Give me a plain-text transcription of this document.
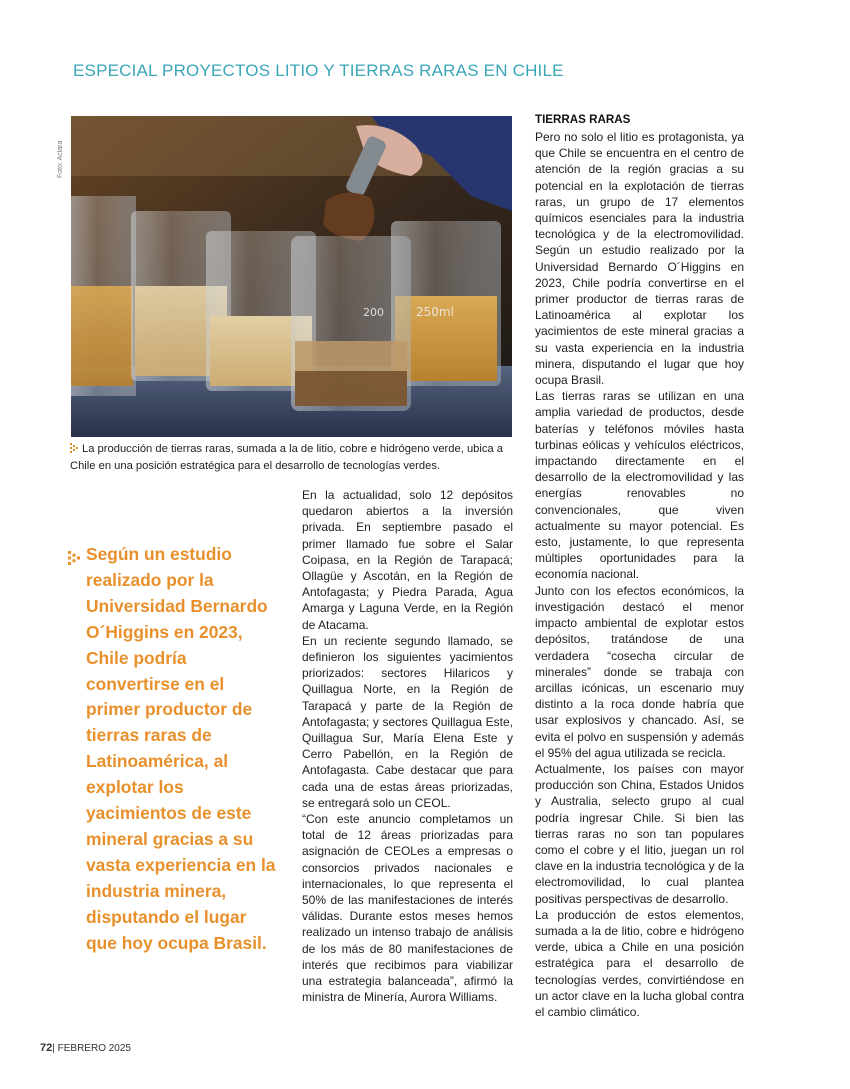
ESPECIAL PROYECTOS LITIO Y TIERRAS RARAS EN CHILE
Foto: Aclara
250ml
200
La producción de tierras raras, sumada a la de litio, cobre e hidrógeno verde, ubica a Chile en una posición estratégica para el desarrollo de tecnologías verdes.
Según un estudio realizado por la Universidad Bernardo O´Higgins en 2023, Chile podría convertirse en el primer productor de tierras raras de Latinoamérica, al explotar los yacimientos de este mineral gracias a su vasta experiencia en la industria minera, disputando el lugar que hoy ocupa Brasil.

En la actualidad, solo 12 depósitos quedaron abiertos a la inversión privada. En septiembre pasado el primer llamado fue sobre el Salar Coipasa, en la Región de Tarapacá; Ollagüe y Ascotán, en la Región de Antofagasta; y Piedra Parada, Agua Amarga y Laguna Verde, en la Región de Atacama.

En un reciente segundo llamado, se definieron los siguientes yacimientos priorizados: sectores Hilaricos y Quillagua Norte, en la Región de Tarapacá y parte de la Región de Antofagasta; y sectores Quillagua Este, Quillagua Sur, María Elena Este y Cerro Pabellón, en la Región de Antofagasta. Cabe destacar que para cada una de estas áreas priorizadas, se entregará solo un CEOL.

“Con este anuncio completamos un total de 12 áreas priorizadas para asignación de CEOLes a empresas o consorcios privados nacionales e internacionales, lo que representa el 50% de las manifestaciones de interés válidas. Durante estos meses hemos realizado un intenso trabajo de análisis de los más de 80 manifestaciones de interés que recibimos para viabilizar una estrategia balanceada”, afirmó la ministra de Minería, Aurora Williams.

TIERRAS RARAS

Pero no solo el litio es protagonista, ya que Chile se encuentra en el centro de atención de la región gracias a su potencial en la explotación de tierras raras, un grupo de 17 elementos químicos esenciales para la industria tecnológica y de la electromovilidad. Según un estudio realizado por la Universidad Bernardo O´Higgins en 2023, Chile podría convertirse en el primer productor de tierras raras de Latinoamérica al explotar los yacimientos de este mineral gracias a su vasta experiencia en la industria minera, disputando el lugar que hoy ocupa Brasil.

Las tierras raras se utilizan en una amplia variedad de productos, desde baterías y teléfonos móviles hasta turbinas eólicas y vehículos eléctricos, impactando directamente en el desarrollo de la electromovilidad y las energías renovables no convencionales, que viven actualmente su mayor potencial. Es esto, justamente, lo que representa múltiples oportunidades para la economía nacional.

Junto con los efectos económicos, la investigación destacó el menor impacto ambiental de explotar estos depósitos, tratándose de una verdadera “cosecha circular de minerales” donde se trabaja con arcillas icónicas, un escenario muy distinto a la roca donde habría que usar explosivos y chancado. Así, se evita el polvo en suspensión y además el 95% del agua utilizada se recicla.

Actualmente, los países con mayor producción son China, Estados Unidos y Australia, selecto grupo al cual podría ingresar Chile. Si bien las tierras raras no son tan populares como el cobre y el litio, juegan un rol clave en la industria tecnológica y de la electromovilidad, lo cual plantea positivas perspectivas de desarrollo.

La producción de estos elementos, sumada a la de litio, cobre e hidrógeno verde, ubica a Chile en una posición estratégica para el desarrollo de tecnologías verdes, convirtiéndose en un actor clave en la lucha global contra el cambio climático.

72| FEBRERO 2025
